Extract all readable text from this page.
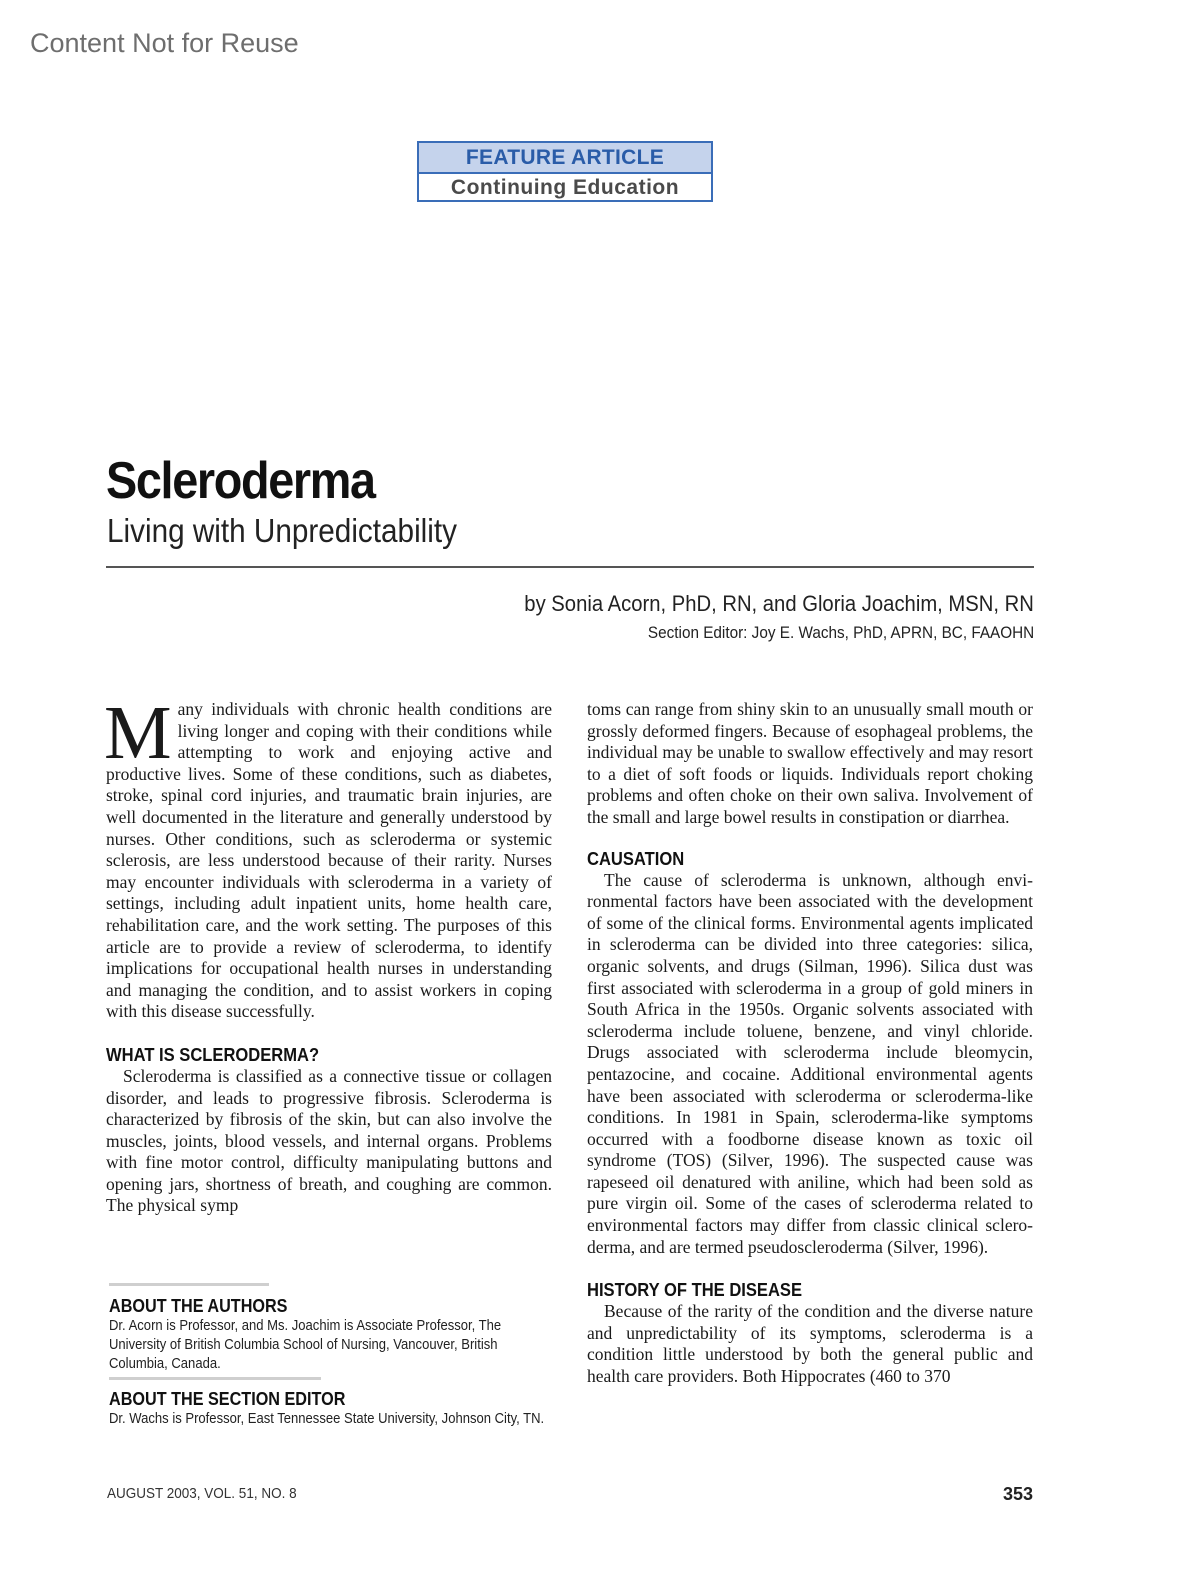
Content Not for Reuse
FEATURE ARTICLE
Continuing Education
Scleroderma
Living with Unpredictability
by Sonia Acorn, PhD, RN, and Gloria Joachim, MSN, RN
Section Editor: Joy E. Wachs, PhD, APRN, BC, FAAOHN

Many individuals with chronic health conditions are living longer and coping with their conditions while attempting to work and enjoying active and productive lives. Some of these conditions, such as diabetes, stroke, spinal cord injuries, and traumatic brain injuries, are well documented in the literature and generally understood by nurses. Other conditions, such as scleroderma or systemic sclerosis, are less understood because of their rarity. Nurses may encounter individuals with scleroderma in a variety of settings, including adult inpatient units, home health care, rehabilitation care, and the work setting. The purposes of this article are to provide a review of scleroderma, to identify implications for occupational health nurses in understanding and managing the condition, and to assist workers in coping with this disease successfully.

WHAT IS SCLERODERMA?

Scleroderma is classified as a connective tissue or collagen disorder, and leads to progressive fibrosis. Scleroderma is characterized by fibrosis of the skin, but can also involve the muscles, joints, blood vessels, and internal organs. Problems with fine motor control, difficulty manipulating buttons and opening jars, shortness of breath, and coughing are common. The physical symp

toms can range from shiny skin to an unusually small mouth or grossly deformed fingers. Because of esophageal problems, the individual may be unable to swallow effectively and may resort to a diet of soft foods or liquids. Individuals report choking problems and often choke on their own saliva. Involvement of the small and large bowel results in constipation or diarrhea.

CAUSATION

The cause of scleroderma is unknown, although environmental factors have been associated with the development of some of the clinical forms. Environmental agents implicated in scleroderma can be divided into three categories: silica, organic solvents, and drugs (Silman, 1996). Silica dust was first associated with scleroderma in a group of gold miners in South Africa in the 1950s. Organic solvents associated with scleroderma include toluene, benzene, and vinyl chloride. Drugs associated with scleroderma include bleomycin, pentazocine, and cocaine. Additional environmental agents have been associated with scleroderma or scleroderma-like conditions. In 1981 in Spain, scleroderma-like symptoms occurred with a foodborne disease known as toxic oil syndrome (TOS) (Silver, 1996). The suspected cause was rapeseed oil denatured with aniline, which had been sold as pure virgin oil. Some of the cases of scleroderma related to environmental factors may differ from classic clinical scleroderma, and are termed pseudoscleroderma (Silver, 1996).

HISTORY OF THE DISEASE

Because of the rarity of the condition and the diverse nature and unpredictability of its symptoms, scleroderma is a condition little understood by both the general public and health care providers. Both Hippocrates (460 to 370

ABOUT THE AUTHORS
Dr. Acorn is Professor, and Ms. Joachim is Associate Professor, The University of British Columbia School of Nursing, Vancouver, British Columbia, Canada.
ABOUT THE SECTION EDITOR
Dr. Wachs is Professor, East Tennessee State University, Johnson City, TN.
AUGUST 2003, VOL. 51, NO. 8	353
